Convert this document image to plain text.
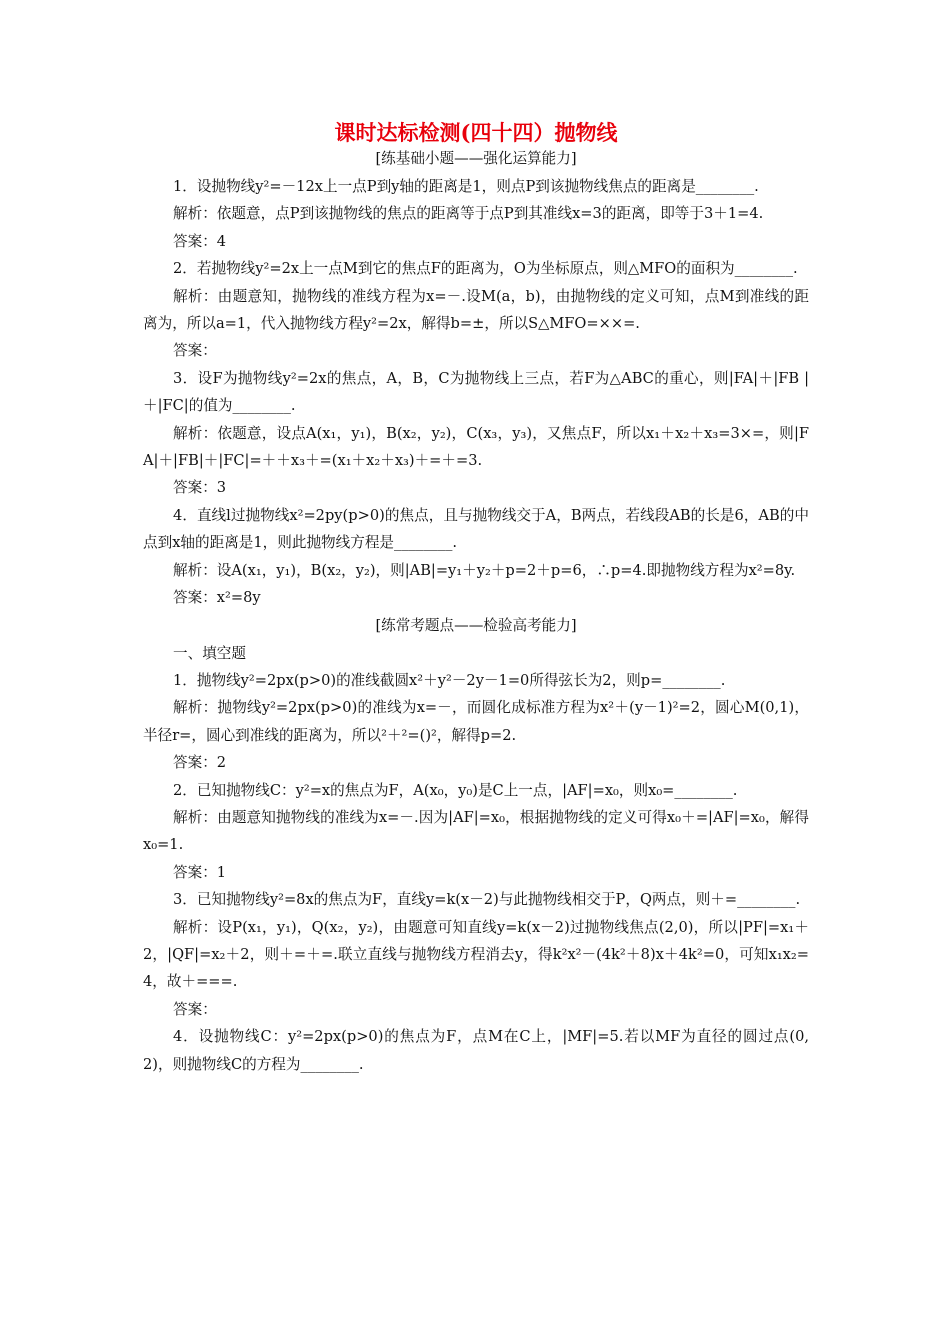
课时达标检测(四十四）抛物线
[练基础小题——强化运算能力]

1．设抛物线y²=－12x上一点P到y轴的距离是1，则点P到该抛物线焦点的距离是________.

解析：依题意，点P到该抛物线的焦点的距离等于点P到其准线x=3的距离，即等于3＋1=4.

答案：4

2．若抛物线y²=2x上一点M到它的焦点F的距离为，O为坐标原点，则△MFO的面积为________.

解析：由题意知，抛物线的准线方程为x=－.设M(a，b)，由抛物线的定义可知，点M到准线的距离为，所以a=1，代入抛物线方程y²=2x，解得b=±，所以S△MFO=××=.

答案：

3．设F为抛物线y²=2x的焦点，A，B，C为抛物线上三点，若F为△ABC的重心，则|FA|＋|FB |＋|FC|的值为________.

解析：依题意，设点A(x₁，y₁)，B(x₂，y₂)，C(x₃，y₃)，又焦点F，所以x₁＋x₂＋x₃=3×=，则|FA|＋|FB|＋|FC|=＋＋x₃＋=(x₁＋x₂＋x₃)＋=＋=3.

答案：3

4．直线l过抛物线x²=2py(p>0)的焦点，且与抛物线交于A，B两点，若线段AB的长是6，AB的中点到x轴的距离是1，则此抛物线方程是________.

解析：设A(x₁，y₁)，B(x₂，y₂)，则|AB|=y₁＋y₂＋p=2＋p=6，∴p=4.即抛物线方程为x²=8y.

答案：x²=8y

[练常考题点——检验高考能力]

一、填空题

1．抛物线y²=2px(p>0)的准线截圆x²＋y²－2y－1=0所得弦长为2，则p=________.

解析：抛物线y²=2px(p>0)的准线为x=－，而圆化成标准方程为x²＋(y－1)²=2，圆心M(0,1)，半径r=，圆心到准线的距离为，所以²＋²=()²，解得p=2.

答案：2

2．已知抛物线C：y²=x的焦点为F，A(x₀，y₀)是C上一点，|AF|=x₀，则x₀=________.

解析：由题意知抛物线的准线为x=－.因为|AF|=x₀，根据抛物线的定义可得x₀＋=|AF|=x₀，解得x₀=1.

答案：1

3．已知抛物线y²=8x的焦点为F，直线y=k(x－2)与此抛物线相交于P，Q两点，则＋=________.

解析：设P(x₁，y₁)，Q(x₂，y₂)，由题意可知直线y=k(x－2)过抛物线焦点(2,0)，所以|PF|=x₁＋2，|QF|=x₂＋2，则＋=＋=.联立直线与抛物线方程消去y，得k²x²－(4k²＋8)x＋4k²=0，可知x₁x₂=4，故＋===.

答案：

4．设抛物线C：y²=2px(p>0)的焦点为F，点M在C上，|MF|=5.若以MF为直径的圆过点(0,2)，则抛物线C的方程为________.
